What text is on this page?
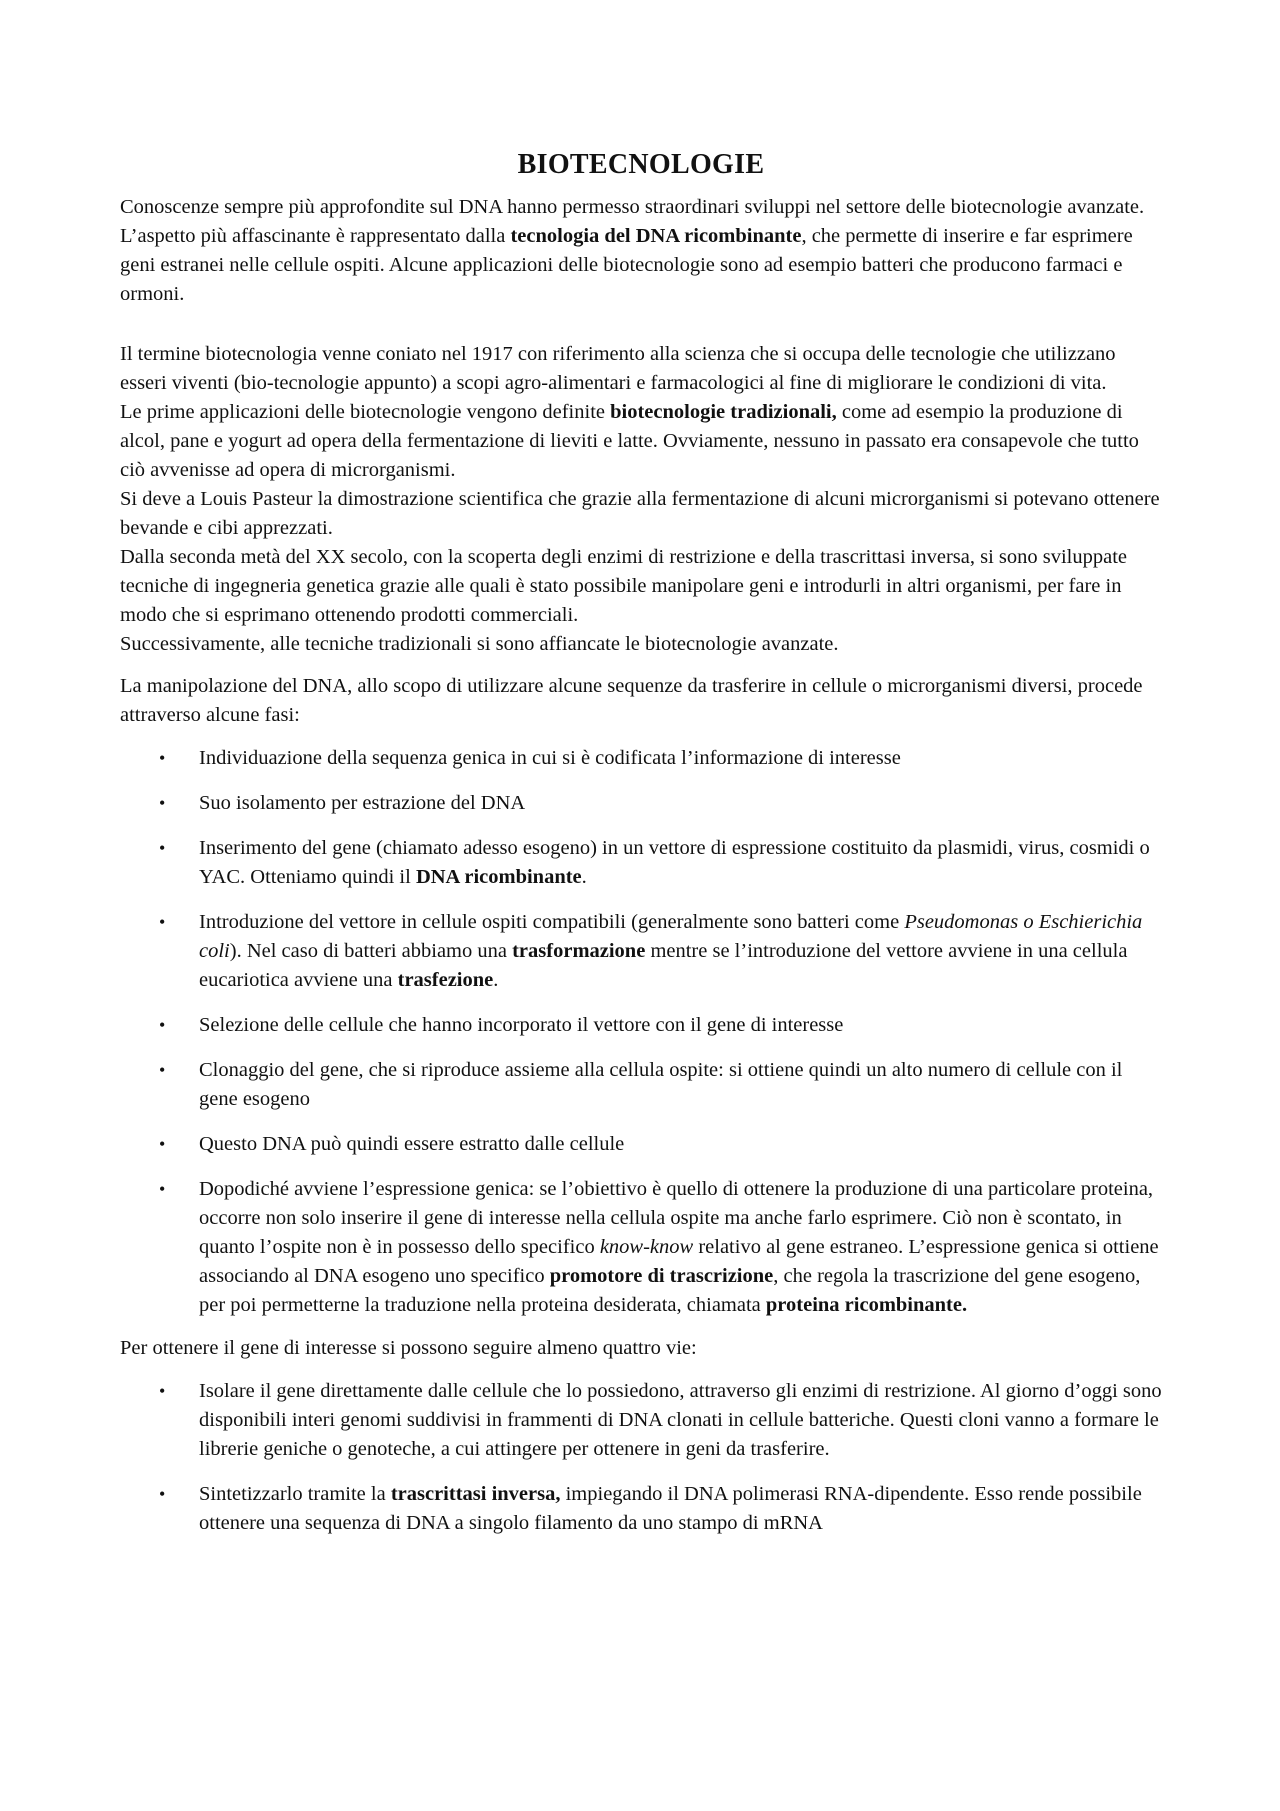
BIOTECNOLOGIE

Conoscenze sempre più approfondite sul DNA hanno permesso straordinari sviluppi nel settore delle biotecnologie avanzate. L’aspetto più affascinante è rappresentato dalla tecnologia del DNA ricombinante, che permette di inserire e far esprimere geni estranei nelle cellule ospiti. Alcune applicazioni delle biotecnologie sono ad esempio batteri che producono farmaci e ormoni.

Il termine biotecnologia venne coniato nel 1917 con riferimento alla scienza che si occupa delle tecnologie che utilizzano esseri viventi (bio-tecnologie appunto) a scopi agro-alimentari e farmacologici al fine di migliorare le condizioni di vita.

Le prime applicazioni delle biotecnologie vengono definite biotecnologie tradizionali, come ad esempio la produzione di alcol, pane e yogurt ad opera della fermentazione di lieviti e latte. Ovviamente, nessuno in passato era consapevole che tutto ciò avvenisse ad opera di microrganismi.

Si deve a Louis Pasteur la dimostrazione scientifica che grazie alla fermentazione di alcuni microrganismi si potevano ottenere bevande e cibi apprezzati.

Dalla seconda metà del XX secolo, con la scoperta degli enzimi di restrizione e della trascrittasi inversa, si sono sviluppate tecniche di ingegneria genetica grazie alle quali è stato possibile manipolare geni e introdurli in altri organismi, per fare in modo che si esprimano ottenendo prodotti commerciali.

Successivamente, alle tecniche tradizionali si sono affiancate le biotecnologie avanzate.

La manipolazione del DNA, allo scopo di utilizzare alcune sequenze da trasferire in cellule o microrganismi diversi, procede attraverso alcune fasi:

• Individuazione della sequenza genica in cui si è codificata l’informazione di interesse
• Suo isolamento per estrazione del DNA
• Inserimento del gene (chiamato adesso esogeno) in un vettore di espressione costituito da plasmidi, virus, cosmidi o YAC. Otteniamo quindi il DNA ricombinante.
• Introduzione del vettore in cellule ospiti compatibili (generalmente sono batteri come Pseudomonas o Eschierichia coli). Nel caso di batteri abbiamo una trasformazione mentre se l’introduzione del vettore avviene in una cellula eucariotica avviene una trasfezione.
• Selezione delle cellule che hanno incorporato il vettore con il gene di interesse
• Clonaggio del gene, che si riproduce assieme alla cellula ospite: si ottiene quindi un alto numero di cellule con il gene esogeno
• Questo DNA può quindi essere estratto dalle cellule
• Dopodiché avviene l’espressione genica: se l’obiettivo è quello di ottenere la produzione di una particolare proteina, occorre non solo inserire il gene di interesse nella cellula ospite ma anche farlo esprimere. Ciò non è scontato, in quanto l’ospite non è in possesso dello specifico know-know relativo al gene estraneo. L’espressione genica si ottiene associando al DNA esogeno uno specifico promotore di trascrizione, che regola la trascrizione del gene esogeno, per poi permetterne la traduzione nella proteina desiderata, chiamata proteina ricombinante.

Per ottenere il gene di interesse si possono seguire almeno quattro vie:

• Isolare il gene direttamente dalle cellule che lo possiedono, attraverso gli enzimi di restrizione. Al giorno d’oggi sono disponibili interi genomi suddivisi in frammenti di DNA clonati in cellule batteriche. Questi cloni vanno a formare le librerie geniche o genoteche, a cui attingere per ottenere in geni da trasferire.
• Sintetizzarlo tramite la trascrittasi inversa, impiegando il DNA polimerasi RNA-dipendente. Esso rende possibile ottenere una sequenza di DNA a singolo filamento da uno stampo di mRNA
